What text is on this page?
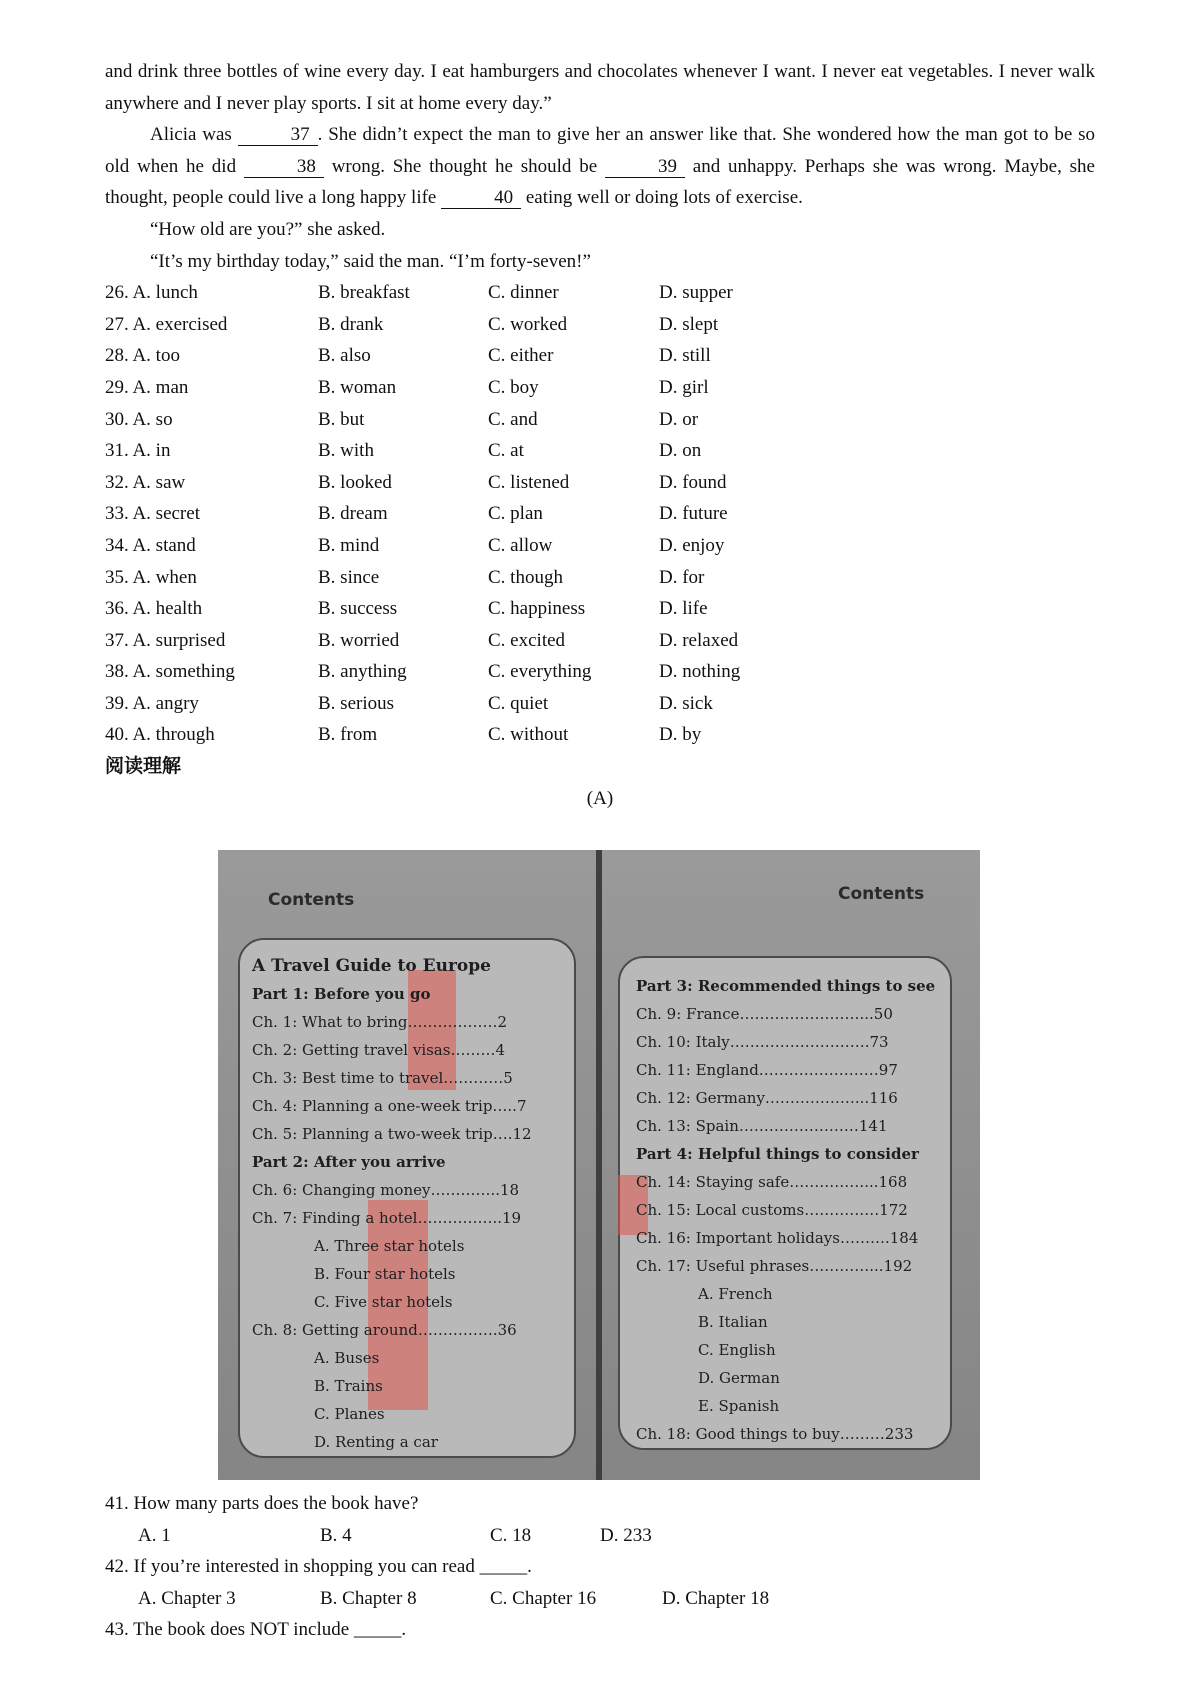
and drink three bottles of wine every day. I eat hamburgers and chocolates whenever I want. I never eat vegetables. I never walk anywhere and I never play sports. I sit at home every day.”

Alicia was	37 . She didn’t expect the man to give her an answer like that. She wondered how the man got to be so old when he did	38 wrong. She thought he should be	39 and unhappy. Perhaps she was wrong. Maybe, she thought, people could live a long happy life	40 eating well or doing lots of exercise.

“How old are you?” she asked.

“It’s my birthday today,” said the man. “I’m forty-seven!”

26. A. lunch	B. breakfast	C. dinner	D. supper
27. A. exercised	B. drank	C. worked	D. slept
28. A. too	B. also	C. either	D. still
29. A. man	B. woman	C. boy	D. girl
30. A. so	B. but	C. and	D. or
31. A. in	B. with	C. at	D. on
32. A. saw	B. looked	C. listened	D. found
33. A. secret	B. dream	C. plan	D. future
34. A. stand	B. mind	C. allow	D. enjoy
35. A. when	B. since	C. though	D. for
36. A. health	B. success	C. happiness	D. life
37. A. surprised	B. worried	C. excited	D. relaxed
38. A. something	B. anything	C. everything	D. nothing
39. A. angry	B. serious	C. quiet	D. sick
40. A. through	B. from	C. without	D. by
阅读理解
(A)
Contents	Contents
A Travel Guide to Europe
Part 1: Before you go
Ch. 1: What to bring………………2
Ch. 2: Getting travel visas………4
Ch. 3: Best time to travel…………5
Ch. 4: Planning a one-week trip…..7
Ch. 5: Planning a two-week trip….12
Part 2: After you arrive
Ch. 6: Changing money…………..18
Ch. 7: Finding a hotel……………..19
A. Three star hotels
B. Four star hotels
C. Five star hotels
Ch. 8: Getting around…………….36
A. Buses
B. Trains
C. Planes
D. Renting a car
Part 3: Recommended things to see
Ch. 9: France……………………...50
Ch. 10: Italy……………………….73
Ch. 11: England……………………97
Ch. 12: Germany………………...116
Ch. 13: Spain……………………141
Part 4: Helpful things to consider
Ch. 14: Staying safe……………...168
Ch. 15: Local customs……………172
Ch. 16: Important holidays……….184
Ch. 17: Useful phrases…………...192
A. French
B. Italian
C. English
D. German
E. Spanish
Ch. 18: Good things to buy………233

41. How many parts does the book have?

A. 1	B. 4	C. 18	D. 233

42. If you’re interested in shopping you can read _____.

A. Chapter 3	B. Chapter 8	C. Chapter 16	D. Chapter 18

43. The book does NOT include _____.
